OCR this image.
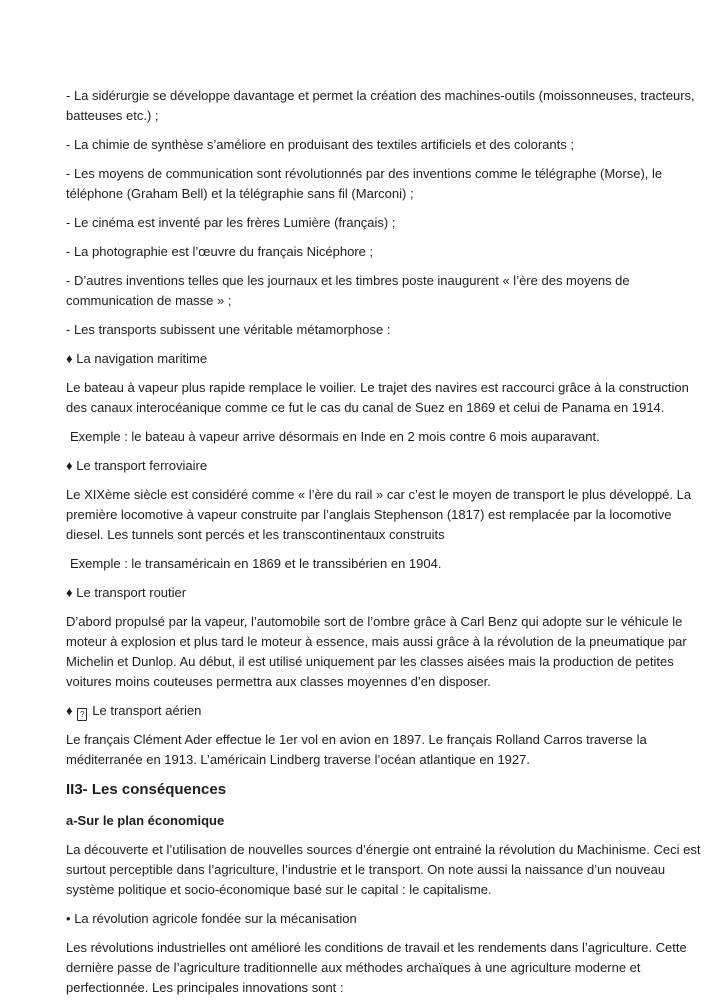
- La sidérurgie se développe davantage et permet la création des machines-outils (moissonneuses, tracteurs, batteuses etc.) ;

- La chimie de synthèse s’améliore en produisant des textiles artificiels et des colorants ;

- Les moyens de communication sont révolutionnés par des inventions comme le télégraphe (Morse), le téléphone (Graham Bell) et la télégraphie sans fil (Marconi) ;

- Le cinéma est inventé par les frères Lumière (français) ;

- La photographie est l’œuvre du français Nicéphore ;

- D’autres inventions telles que les journaux et les timbres poste inaugurent « l’ère des moyens de communication de masse » ;

- Les transports subissent une véritable métamorphose :

♦ La navigation maritime

Le bateau à vapeur plus rapide remplace le voilier. Le trajet des navires est raccourci grâce à la construction des canaux interocéanique comme ce fut le cas du canal de Suez en 1869 et celui de Panama en 1914.

Exemple : le bateau à vapeur arrive désormais en Inde en 2 mois contre 6 mois auparavant.

♦ Le transport ferroviaire

Le XIXème siècle est considéré comme « l’ère du rail » car c’est le moyen de transport le plus développé. La première locomotive à vapeur construite par l’anglais Stephenson (1817) est remplacée par la locomotive diesel. Les tunnels sont percés et les transcontinentaux construits

Exemple : le transaméricain en 1869 et le transsibérien en 1904.

♦ Le transport routier

D’abord propulsé par la vapeur, l’automobile sort de l’ombre grâce à Carl Benz qui adopte sur le véhicule le moteur à explosion et plus tard le moteur à essence, mais aussi grâce à la révolution de la pneumatique par Michelin et Dunlop. Au début, il est utilisé uniquement par les classes aisées mais la production de petites voitures moins couteuses permettra aux classes moyennes d’en disposer.

♦ ? Le transport aérien

Le français Clément Ader effectue le 1er vol en avion en 1897. Le français Rolland Carros traverse la méditerranée en 1913. L’américain Lindberg traverse l’océan atlantique en 1927.

II3- Les conséquences

a-Sur le plan économique

La découverte et l’utilisation de nouvelles sources d’énergie ont entrainé la révolution du Machinisme. Ceci est surtout perceptible dans l’agriculture, l’industrie et le transport. On note aussi la naissance d’un nouveau système politique et socio-économique basé sur le capital : le capitalisme.

• La révolution agricole fondée sur la mécanisation

Les révolutions industrielles ont amélioré les conditions de travail et les rendements dans l’agriculture. Cette dernière passe de l’agriculture traditionnelle aux méthodes archaïques à une agriculture moderne et perfectionnée. Les principales innovations sont :
